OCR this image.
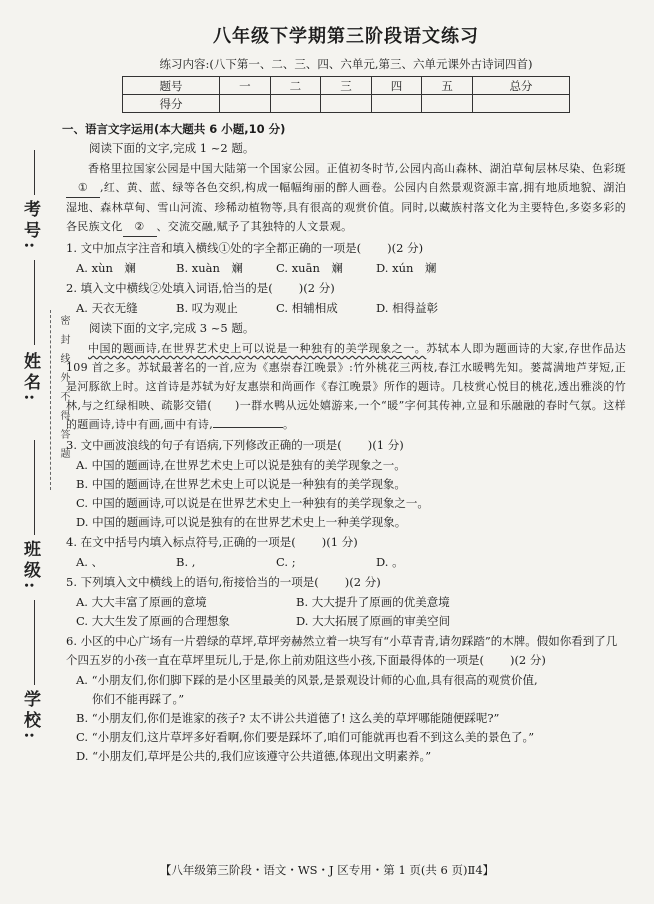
考号:
姓名:
班级:
学校:
密封线外不得答题
八年级下学期第三阶段语文练习
练习内容:(八下第一、二、三、四、六单元,第三、六单元课外古诗词四首)
题号	一	二	三	四	五	总分
得分						
一、语言文字运用(本大题共 6 小题,10 分)
阅读下面的文字,完成 1 ~2 题。

香格里拉国家公园是中国大陆第一个国家公园。正值初冬时节,公园内高山森林、湖泊草甸层林尽染、色彩斑① ,红、黄、蓝、绿等各色交织,构成一幅幅绚丽的醉人画卷。公园内自然景观资源丰富,拥有地质地貌、湖泊湿地、森林草甸、雪山河流、珍稀动植物等,具有很高的观赏价值。同时,以藏族村落文化为主要特色,多姿多彩的各民族文化 ② 、交流交融,赋予了其独特的人文景观。

1. 文中加点字注音和填入横线①处的字全都正确的一项是( )(2 分)
A. xùn　斓	B. xuàn　斓	C. xuān　斓	D. xún　斓
2. 填入文中横线②处填入词语,恰当的是( )(2 分)
A. 天衣无缝	B. 叹为观止	C. 相辅相成	D. 相得益彰
阅读下面的文字,完成 3 ~5 题。

中国的题画诗,在世界艺术史上可以说是一种独有的美学现象之一。苏轼本人即为题画诗的大家,存世作品达 109 首之多。苏轼最著名的一首,应为《惠崇春江晚景》:竹外桃花三两枝,春江水暖鸭先知。蒌蒿满地芦芽短,正是河豚欲上时。这首诗是苏轼为好友惠崇和尚画作《春江晚景》所作的题诗。几枝赏心悦目的桃花,透出雅淡的竹林,与之红绿相映、疏影交错(　　)一群水鸭从远处嬉游来,一个“暖”字何其传神,立显和乐融融的春时气氛。这样的题画诗,诗中有画,画中有诗,	。

3. 文中画波浪线的句子有语病,下列修改正确的一项是( )(1 分)
A. 中国的题画诗,在世界艺术史上可以说是独有的美学现象之一。
B. 中国的题画诗,在世界艺术史上可以说是一种独有的美学现象。
C. 中国的题画诗,可以说是在世界艺术史上一种独有的美学现象之一。
D. 中国的题画诗,可以说是独有的在世界艺术史上一种美学现象。
4. 在文中括号内填入标点符号,正确的一项是( )(1 分)
A. 、	B. ,	C. ;	D. 。
5. 下列填入文中横线上的语句,衔接恰当的一项是( )(2 分)
A. 大大丰富了原画的意境	B. 大大提升了原画的优美意境
C. 大大生发了原画的合理想象	D. 大大拓展了原画的审美空间
6. 小区的中心广场有一片碧绿的草坪,草坪旁赫然立着一块写有“小草青青,请勿踩踏”的木牌。假如你看到了几个四五岁的小孩一直在草坪里玩儿,于是,你上前劝阻这些小孩,下面最得体的一项是( )(2 分)
A. “小朋友们,你们脚下踩的是小区里最美的风景,是景观设计师的心血,具有很高的观赏价值,
你们不能再踩了。”
B. “小朋友们,你们是谁家的孩子? 太不讲公共道德了! 这么美的草坪哪能随便踩呢?”
C. “小朋友们,这片草坪多好看啊,你们要是踩坏了,咱们可能就再也看不到这么美的景色了。”
D. “小朋友们,草坪是公共的,我们应该遵守公共道德,体现出文明素养。”
【八年级第三阶段・语文・WS・J 区专用・第 1 页(共 6 页)Ⅱ4】
